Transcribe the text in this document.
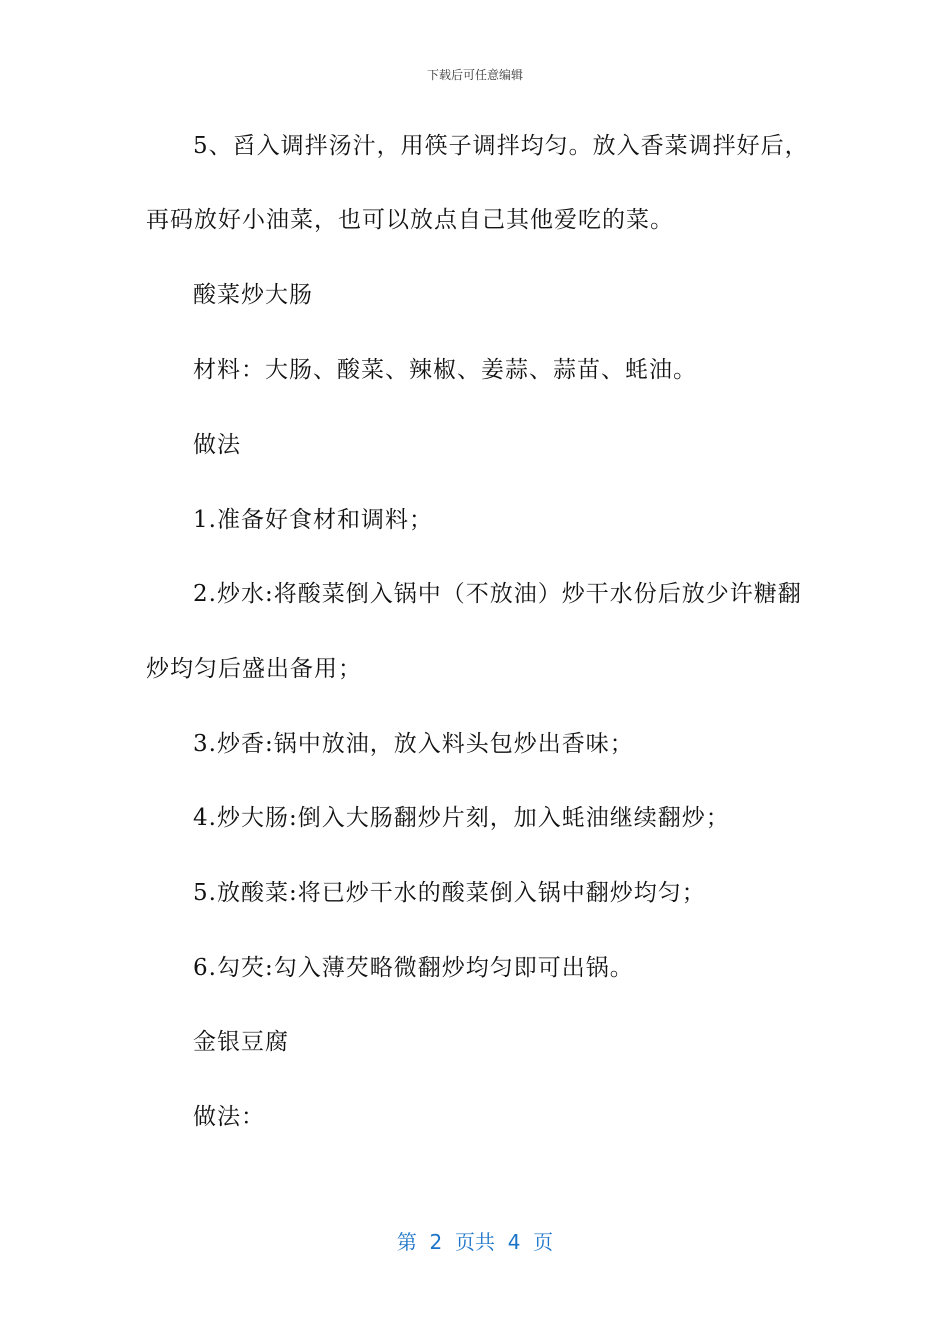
下载后可任意编辑
5、舀入调拌汤汁，用筷子调拌均匀。放入香菜调拌好后，
再码放好小油菜，也可以放点自己其他爱吃的菜。
酸菜炒大肠
材料：大肠、酸菜、辣椒、姜蒜、蒜苗、蚝油。
做法
1.准备好食材和调料；
2.炒水:将酸菜倒入锅中（不放油）炒干水份后放少许糖翻
炒均匀后盛出备用；
3.炒香:锅中放油，放入料头包炒出香味；
4.炒大肠:倒入大肠翻炒片刻，加入蚝油继续翻炒；
5.放酸菜:将已炒干水的酸菜倒入锅中翻炒均匀；
6.勾芡:勾入薄芡略微翻炒均匀即可出锅。
金银豆腐
做法：
第  2  页共  4  页
